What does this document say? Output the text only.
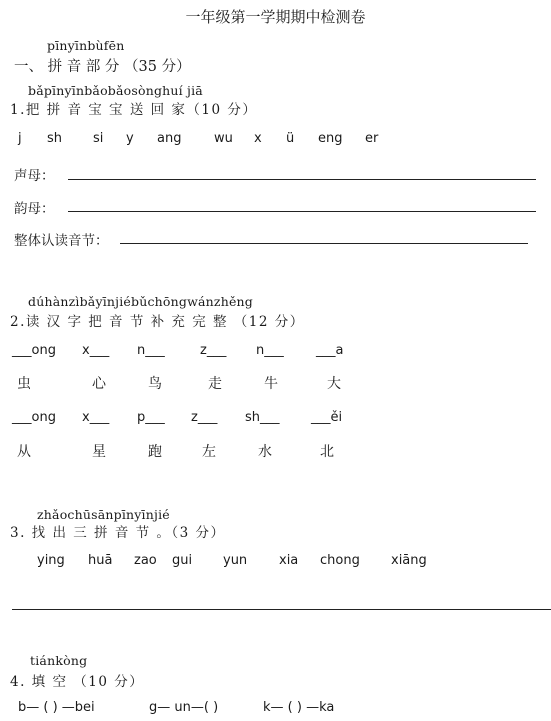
一年级第一学期期中检测卷
pīnyīnbùfēn
一、 拼 音 部 分 （35 分）
bǎpīnyīnbǎobǎosònghuí jiā
1.把 拼 音 宝 宝 送 回 家（10 分）
j sh si y ang	wu x ü eng er
声母：
韵母：
整体认读音节：
dúhànzìbǎyīnjiébǔchōngwánzhěng
2.读 汉 字 把 音 节 补 充 完 整 （12 分）
___ong x___ n___	z___ n___ ___a
虫	心	鸟	走	牛	大
___ong x___ p___ z___ sh___ ___ěi
从	星	跑	左	水	北
zhǎochūsānpīnyīnjié
3. 找 出 三 拼 音 节 。（3 分）
ying huā zao gui yun xia chong xiāng
tiánkòng
4. 填 空 （10 分）
b— ( ) —bei	g— un—( )	k— ( ) —ka
